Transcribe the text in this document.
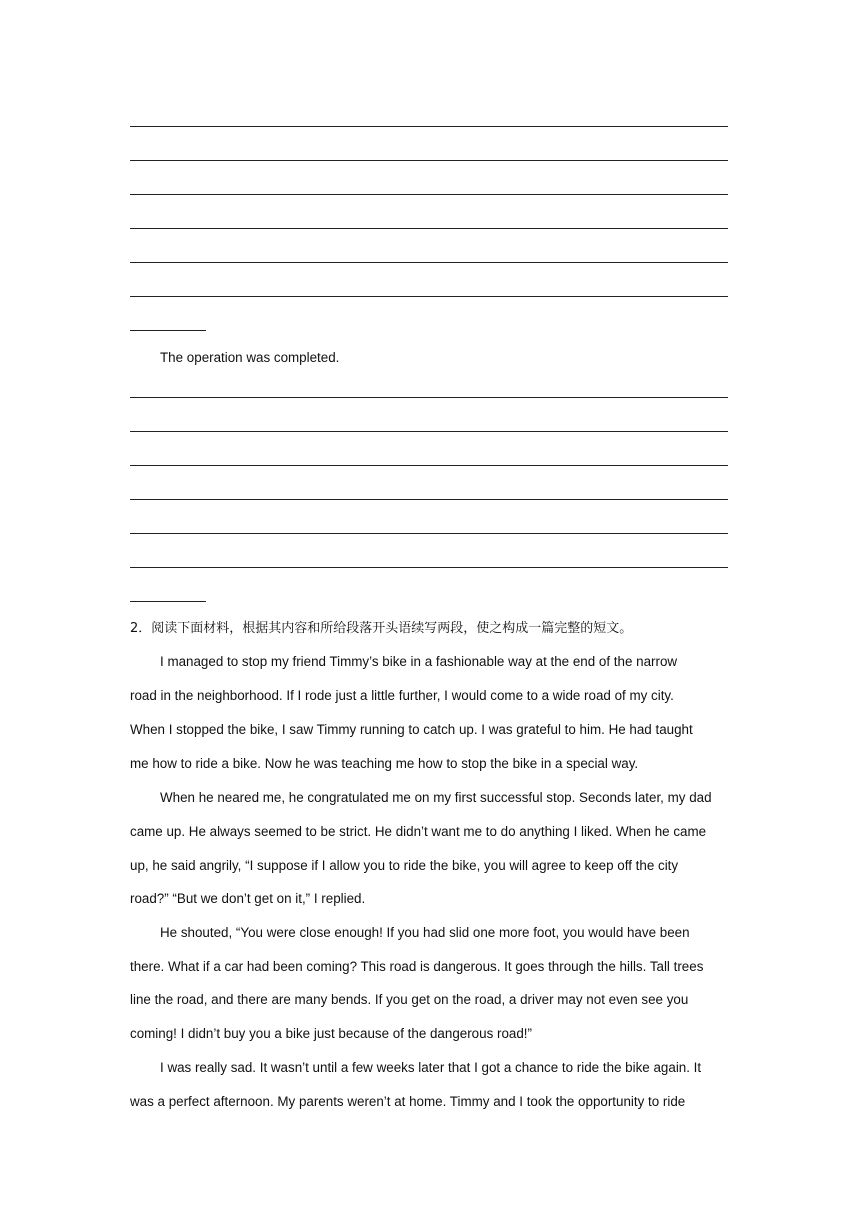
The operation was completed.
2．阅读下面材料，根据其内容和所给段落开头语续写两段，使之构成一篇完整的短文。
I managed to stop my friend Timmy’s bike in a fashionable way at the end of the narrow
road in the neighborhood. If I rode just a little further, I would come to a wide road of my city.
When I stopped the bike, I saw Timmy running to catch up. I was grateful to him. He had taught
me how to ride a bike. Now he was teaching me how to stop the bike in a special way.
When he neared me, he congratulated me on my first successful stop. Seconds later, my dad
came up. He always seemed to be strict. He didn’t want me to do anything I liked. When he came
up, he said angrily, “I suppose if I allow you to ride the bike, you will agree to keep off the city
road?” “But we don’t get on it,” I replied.
He shouted, “You were close enough! If you had slid one more foot, you would have been
there. What if a car had been coming? This road is dangerous. It goes through the hills. Tall trees
line the road, and there are many bends. If you get on the road, a driver may not even see you
coming! I didn’t buy you a bike just because of the dangerous road!”
I was really sad. It wasn’t until a few weeks later that I got a chance to ride the bike again. It
was a perfect afternoon. My parents weren’t at home. Timmy and I took the opportunity to ride
